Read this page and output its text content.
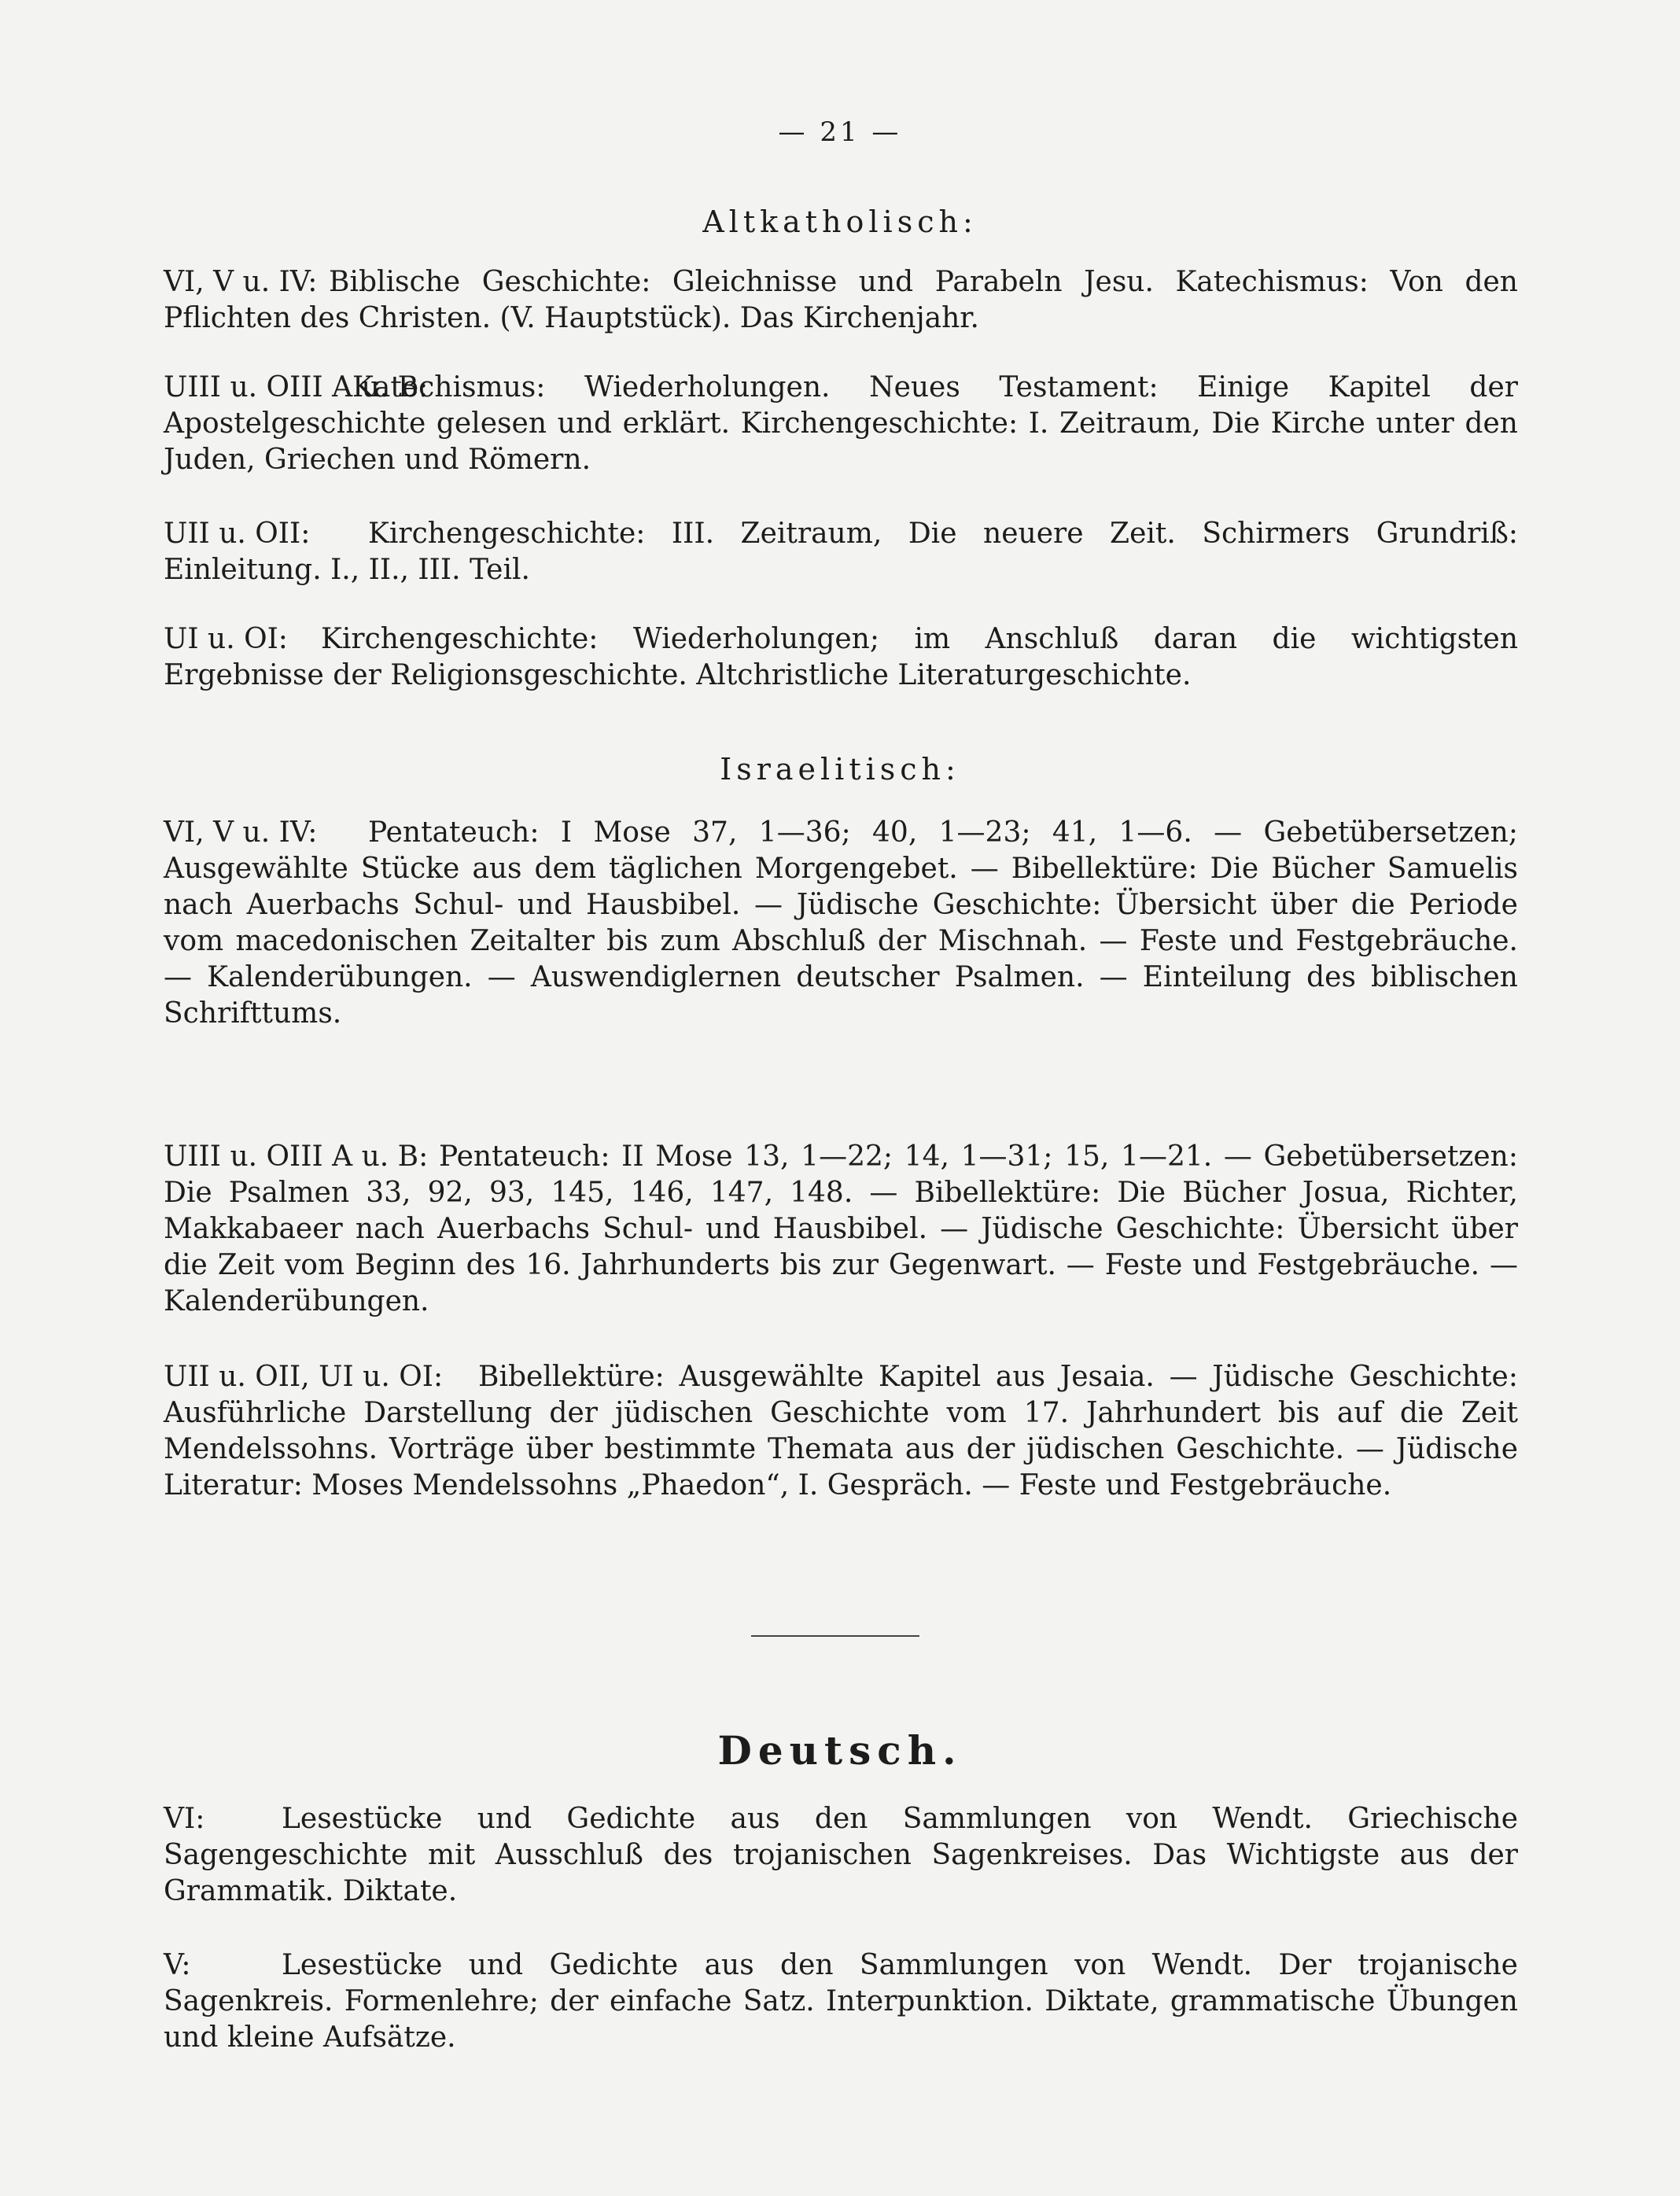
— 21 —
Altkatholisch:
VI, V u. IV: Biblische Geschichte: Gleichnisse und Parabeln Jesu. Katechismus: Von den Pflichten des Christen. (V. Hauptstück). Das Kirchenjahr.
UIII u. OIII A u. B:
Katechismus: Wiederholungen. Neues Testament: Einige Kapitel der Apostelgeschichte gelesen und erklärt. Kirchengeschichte: I. Zeitraum, Die Kirche unter den Juden, Griechen und Römern.
UII u. OII:	Kirchengeschichte: III. Zeitraum, Die neuere Zeit. Schirmers Grundriß: Einleitung. I., II., III. Teil.
UI u. OI:	Kirchengeschichte: Wiederholungen; im Anschluß daran die wichtigsten Ergebnisse der Religionsgeschichte. Altchristliche Literaturgeschichte.
Israelitisch:
VI, V u. IV:	Pentateuch: I Mose 37, 1—36; 40, 1—23; 41, 1—6. — Gebetübersetzen; Ausgewählte Stücke aus dem täglichen Morgengebet. — Bibellektüre: Die Bücher Samuelis nach Auerbachs Schul- und Hausbibel. — Jüdische Geschichte: Übersicht über die Periode vom macedonischen Zeitalter bis zum Abschluß der Mischnah. — Feste und Festgebräuche. — Kalenderübungen. — Auswendiglernen deutscher Psalmen. — Einteilung des biblischen Schrifttums.
UIII u. OIII A u. B: Pentateuch: II Mose 13, 1—22; 14, 1—31; 15, 1—21. — Gebetübersetzen: Die Psalmen 33, 92, 93, 145, 146, 147, 148. — Bibellektüre: Die Bücher Josua, Richter, Makkabaeer nach Auerbachs Schul- und Hausbibel. — Jüdische Geschichte: Übersicht über die Zeit vom Beginn des 16. Jahrhunderts bis zur Gegenwart. — Feste und Festgebräuche. — Kalenderübungen.
UII u. OII, UI u. OI:	Bibellektüre: Ausgewählte Kapitel aus Jesaia. — Jüdische Geschichte: Ausführliche Darstellung der jüdischen Geschichte vom 17. Jahrhundert bis auf die Zeit Mendelssohns. Vorträge über bestimmte Themata aus der jüdischen Geschichte. — Jüdische Literatur: Moses Mendelssohns „Phaedon“, I. Gespräch. — Feste und Festgebräuche.
Deutsch.
VI:	Lesestücke und Gedichte aus den Sammlungen von Wendt. Griechische Sagengeschichte mit Ausschluß des trojanischen Sagenkreises. Das Wichtigste aus der Grammatik. Diktate.
V:	Lesestücke und Gedichte aus den Sammlungen von Wendt. Der trojanische Sagenkreis. Formenlehre; der einfache Satz. Interpunktion. Diktate, grammatische Übungen und kleine Aufsätze.
